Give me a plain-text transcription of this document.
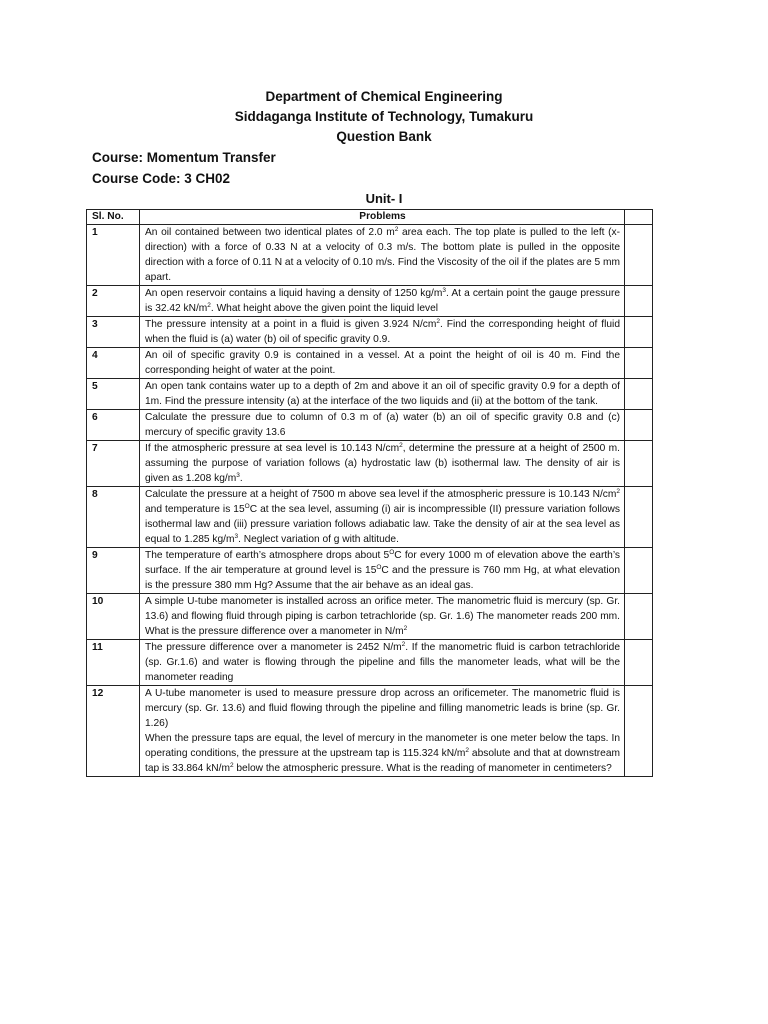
Department of Chemical Engineering
Siddaganga Institute of Technology, Tumakuru
Question Bank
Course: Momentum Transfer
Course Code: 3 CH02
Unit- I
Sl. No.	Problems	
1	An oil contained between two identical plates of 2.0 $m^2$ area each. The top plate is pulled to the left (x-direction) with a force of 0.33 N at a velocity of 0.3 m/s. The bottom plate is pulled in the opposite direction with a force of 0.11 N at a velocity of 0.10 m/s. Find the Viscosity of the oil if the plates are 5 mm apart.	

2	An open reservoir contains a liquid having a density of 1250 $kg/m^3$. At a certain point the gauge pressure is 32.42 $kN/m^2$. What height above the given point the liquid level	

3	The pressure intensity at a point in a fluid is given 3.924 $N/cm^2$. Find the corresponding height of fluid when the fluid is (a) water (b) oil of specific gravity 0.9.	

4	An oil of specific gravity 0.9 is contained in a vessel. At a point the height of oil is 40 m. Find the corresponding height of water at the point.	

5	An open tank contains water up to a depth of 2m and above it an oil of specific gravity 0.9 for a depth of 1m. Find the pressure intensity (a) at the interface of the two liquids and (ii) at the bottom of the tank.	

6	Calculate the pressure due to column of 0.3 m of (a) water (b) an oil of specific gravity 0.8 and (c) mercury of specific gravity 13.6	

7	If the atmospheric pressure at sea level is 10.143 $N/cm^2$, determine the pressure at a height of 2500 m. assuming the purpose of variation follows (a) hydrostatic law (b) isothermal law. The density of air is given as 1.208 $kg/m^3$.	

8	Calculate the pressure at a height of 7500 m above sea level if the atmospheric pressure is 10.143 $N/cm^2$ and temperature is $15^OC$ at the sea level, assuming (i) air is incompressible (II) pressure variation follows isothermal law and (iii) pressure variation follows adiabatic law. Take the density of air at the sea level as equal to 1.285 $kg/m^3$. Neglect variation of g with altitude.	

9	The temperature of earth’s atmosphere drops about $5^OC$ for every 1000 m of elevation above the earth’s surface. If the air temperature at ground level is $15^OC$ and the pressure is 760 mm Hg, at what elevation is the pressure 380 mm Hg? Assume that the air behave as an ideal gas.	

10	A simple U-tube manometer is installed across an orifice meter. The manometric fluid is mercury (sp. Gr. 13.6) and flowing fluid through piping is carbon tetrachloride (sp. Gr. 1.6) The manometer reads 200 mm. What is the pressure difference over a manometer in $N/m^2$

11	The pressure difference over a manometer is 2452 $N/m^2$. If the manometric fluid is carbon tetrachloride (sp. Gr.1.6) and water is flowing through the pipeline and fills the manometer leads, what will be the manometer reading	

12	A U-tube manometer is used to measure pressure drop across an orificemeter. The manometric fluid is mercury (sp. Gr. 13.6) and fluid flowing through the pipeline and filling manometric leads is brine (sp. Gr. 1.26)
When the pressure taps are equal, the level of mercury in the manometer is one meter below the taps. In operating conditions, the pressure at the upstream tap is 115.324 $kN/m^2$ absolute and that at downstream tap is 33.864 $kN/m^2$ below the atmospheric pressure. What is the reading of manometer in centimeters?	
